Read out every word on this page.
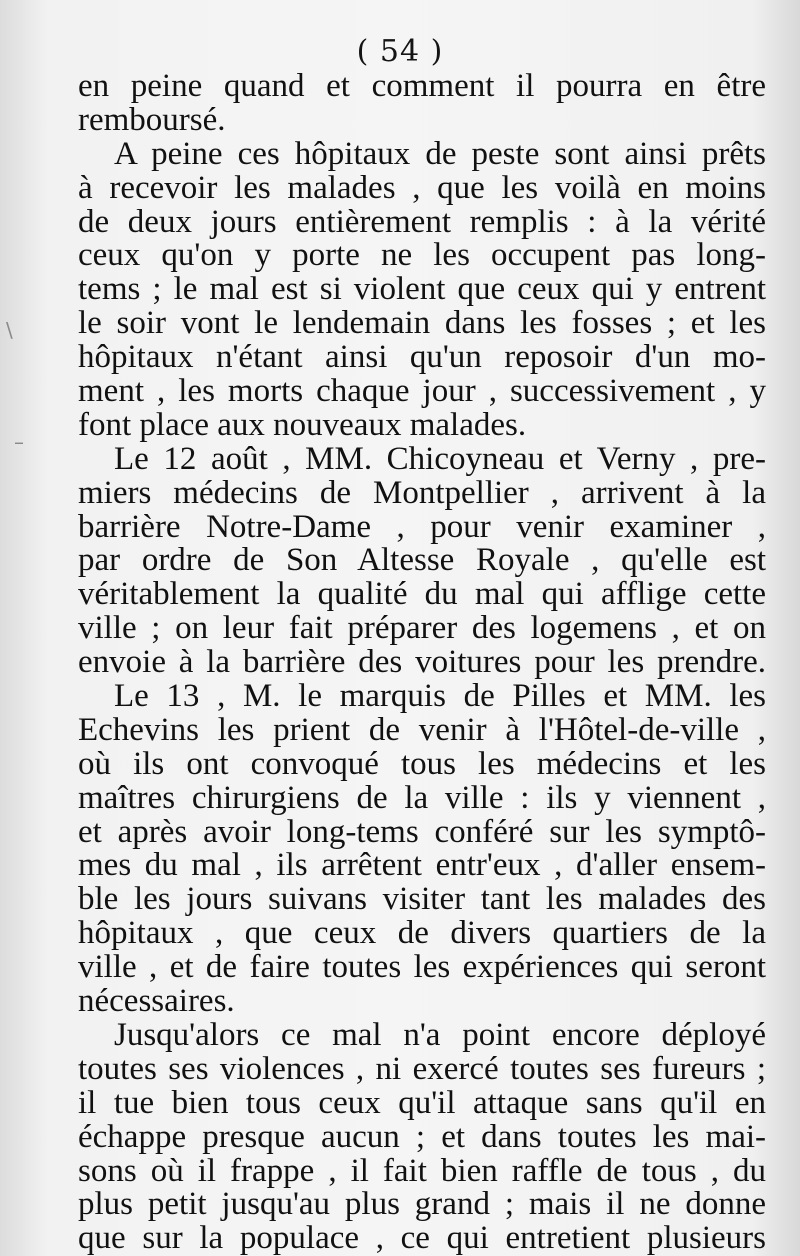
( 54 )
\
–
en peine quand et comment il pourra en être
remboursé.
A peine ces hôpitaux de peste sont ainsi prêts
à recevoir les malades , que les voilà en moins
de deux jours entièrement remplis : à la vérité
ceux qu'on y porte ne les occupent pas long-
tems ; le mal est si violent que ceux qui y entrent
le soir vont le lendemain dans les fosses ; et les
hôpitaux n'étant ainsi qu'un reposoir d'un mo-
ment , les morts chaque jour , successivement , y
font place aux nouveaux malades.
Le 12 août , MM. Chicoyneau et Verny , pre-
miers médecins de Montpellier , arrivent à la
barrière Notre-Dame , pour venir examiner ,
par ordre de Son Altesse Royale , qu'elle est
véritablement la qualité du mal qui afflige cette
ville ; on leur fait préparer des logemens , et on
envoie à la barrière des voitures pour les prendre.
Le 13 , M. le marquis de Pilles et MM. les
Echevins les prient de venir à l'Hôtel-de-ville ,
où ils ont convoqué tous les médecins et les
maîtres chirurgiens de la ville : ils y viennent ,
et après avoir long-tems conféré sur les symptô-
mes du mal , ils arrêtent entr'eux , d'aller ensem-
ble les jours suivans visiter tant les malades des
hôpitaux , que ceux de divers quartiers de la
ville , et de faire toutes les expériences qui seront
nécessaires.
Jusqu'alors ce mal n'a point encore déployé
toutes ses violences , ni exercé toutes ses fureurs ;
il tue bien tous ceux qu'il attaque sans qu'il en
échappe presque aucun ; et dans toutes les mai-
sons où il frappe , il fait bien raffle de tous , du
plus petit jusqu'au plus grand ; mais il ne donne
que sur la populace , ce qui entretient plusieurs
